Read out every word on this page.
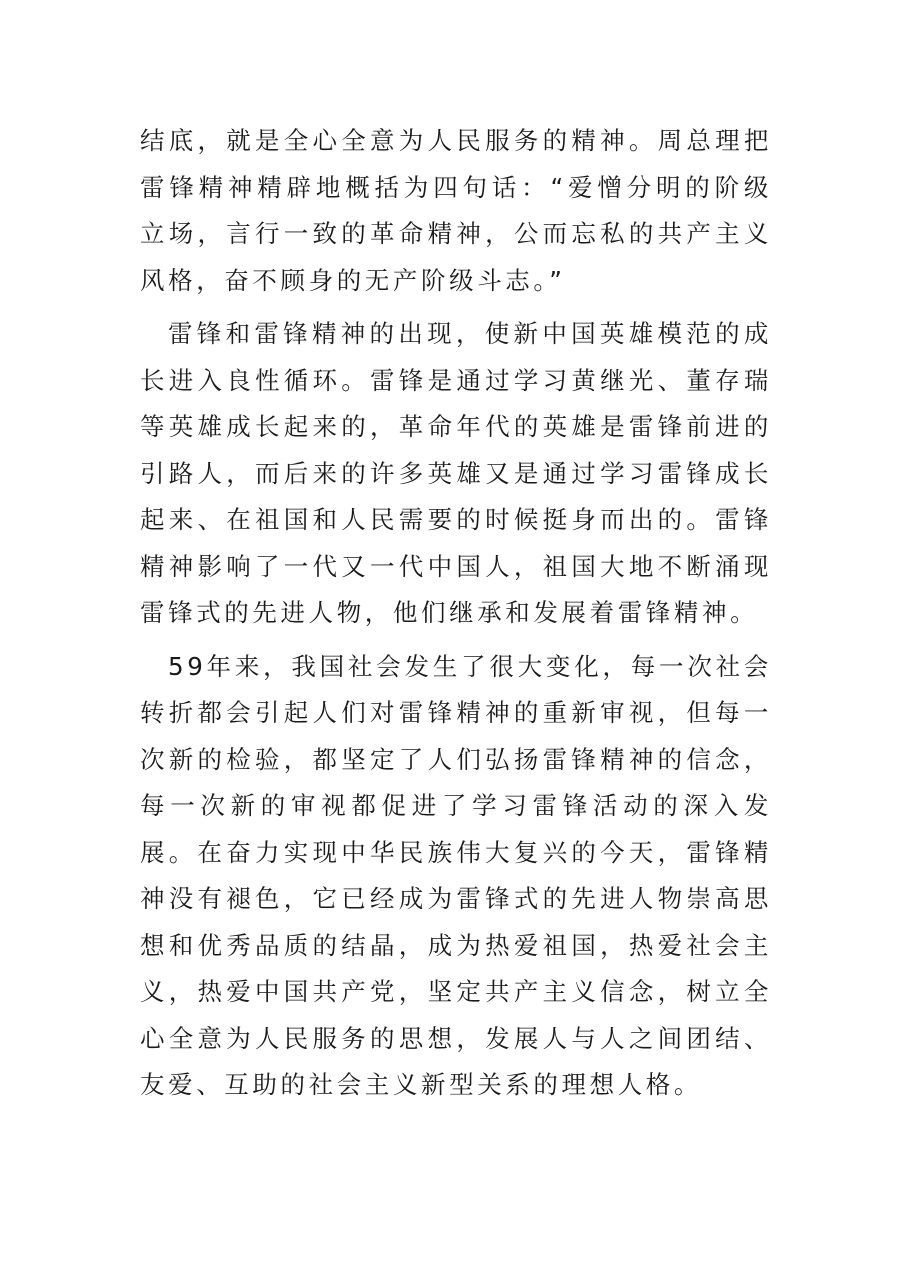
结底，就是全心全意为人民服务的精神。周总理把雷锋精神精辟地概括为四句话：“爱憎分明的阶级立场，言行一致的革命精神，公而忘私的共产主义风格，奋不顾身的无产阶级斗志。”

雷锋和雷锋精神的出现，使新中国英雄模范的成长进入良性循环。雷锋是通过学习黄继光、董存瑞等英雄成长起来的，革命年代的英雄是雷锋前进的引路人，而后来的许多英雄又是通过学习雷锋成长起来、在祖国和人民需要的时候挺身而出的。雷锋精神影响了一代又一代中国人，祖国大地不断涌现雷锋式的先进人物，他们继承和发展着雷锋精神。

59年来，我国社会发生了很大变化，每一次社会转折都会引起人们对雷锋精神的重新审视，但每一次新的检验，都坚定了人们弘扬雷锋精神的信念，每一次新的审视都促进了学习雷锋活动的深入发展。在奋力实现中华民族伟大复兴的今天，雷锋精神没有褪色，它已经成为雷锋式的先进人物崇高思想和优秀品质的结晶，成为热爱祖国，热爱社会主义，热爱中国共产党，坚定共产主义信念，树立全心全意为人民服务的思想，发展人与人之间团结、友爱、互助的社会主义新型关系的理想人格。
